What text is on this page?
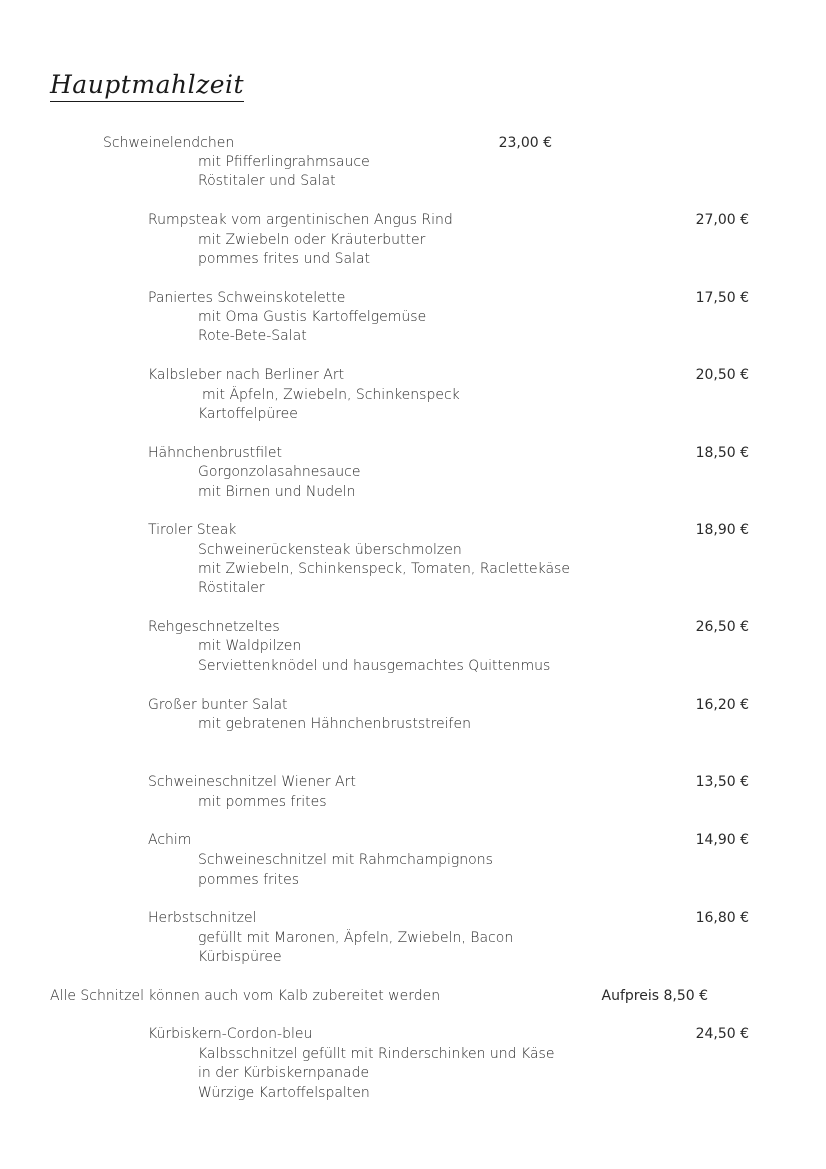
Hauptmahlzeit
Schweinelendchen	23,00 €
mit Pfifferlingrahmsauce
Röstitaler und Salat
Rumpsteak vom argentinischen Angus Rind	27,00 €
mit Zwiebeln oder Kräuterbutter
pommes frites und Salat
Paniertes Schweinskotelette	17,50 €
mit Oma Gustis Kartoffelgemüse
Rote-Bete-Salat
Kalbsleber nach Berliner Art	20,50 €
mit Äpfeln, Zwiebeln, Schinkenspeck
Kartoffelpüree
Hähnchenbrustfilet	18,50 €
Gorgonzolasahnesauce
mit Birnen und Nudeln
Tiroler Steak	18,90 €
Schweinerückensteak überschmolzen
mit Zwiebeln, Schinkenspeck, Tomaten, Raclettekäse
Röstitaler
Rehgeschnetzeltes	26,50 €
mit Waldpilzen
Serviettenknödel und hausgemachtes Quittenmus
Großer bunter Salat	16,20 €
mit gebratenen Hähnchenbruststreifen
Schweineschnitzel Wiener Art	13,50 €
mit pommes frites
Achim	14,90 €
Schweineschnitzel mit Rahmchampignons
pommes frites
Herbstschnitzel	16,80 €
gefüllt mit Maronen, Äpfeln, Zwiebeln, Bacon
Kürbispüree
Alle Schnitzel können auch vom Kalb zubereitet werden	Aufpreis 8,50 €
Kürbiskern-Cordon-bleu	24,50 €
Kalbsschnitzel gefüllt mit Rinderschinken und Käse
in der Kürbiskernpanade
Würzige Kartoffelspalten
